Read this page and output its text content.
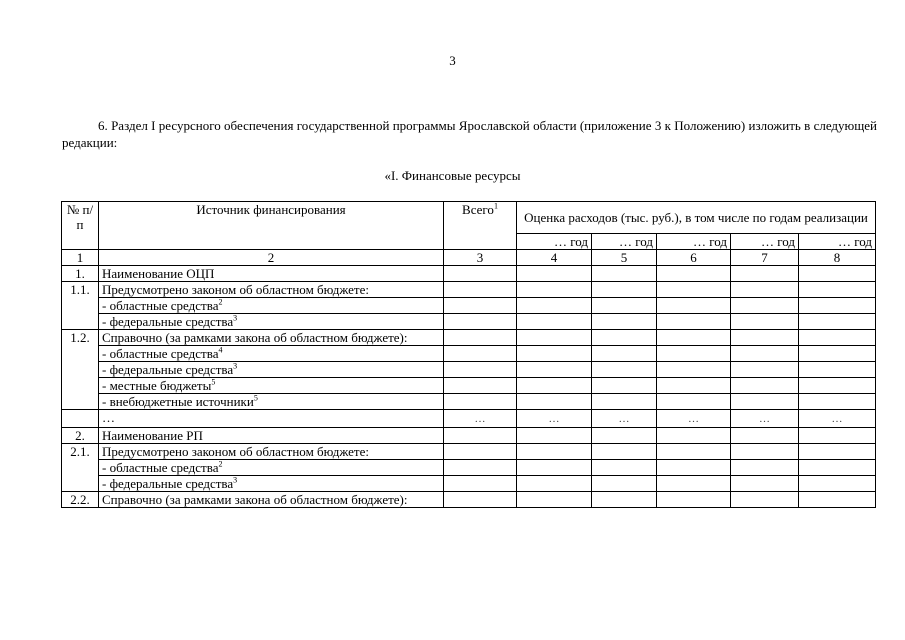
3
6. Раздел I ресурсного обеспечения государственной программы Ярославской области (приложение 3 к Положению) изложить в следующей редакции:
«I. Финансовые ресурсы
№ п/п	Источник финансирования	Всего$^1$	Оценка расходов (тыс. руб.), в том числе по годам реализации				
			… год	… год	… год	… год	… год
1	2	3	4	5	6	7	8
1.	Наименование ОЦП						
1.1.	Предусмотрено законом об областном бюджете:						
	- областные средства$^2$						
	- федеральные средства$^3$						
1.2.	Справочно (за рамками закона об областном бюджете):						
	- областные средства$^4$						
	- федеральные средства$^3$						
	- местные бюджеты$^5$						
	- внебюджетные источники$^5$						
	…	…	…	…	…	…	…
2.	Наименование РП						
2.1.	Предусмотрено законом об областном бюджете:						
	- областные средства$^2$						
	- федеральные средства$^3$						
2.2.	Справочно (за рамками закона об областном бюджете):						
